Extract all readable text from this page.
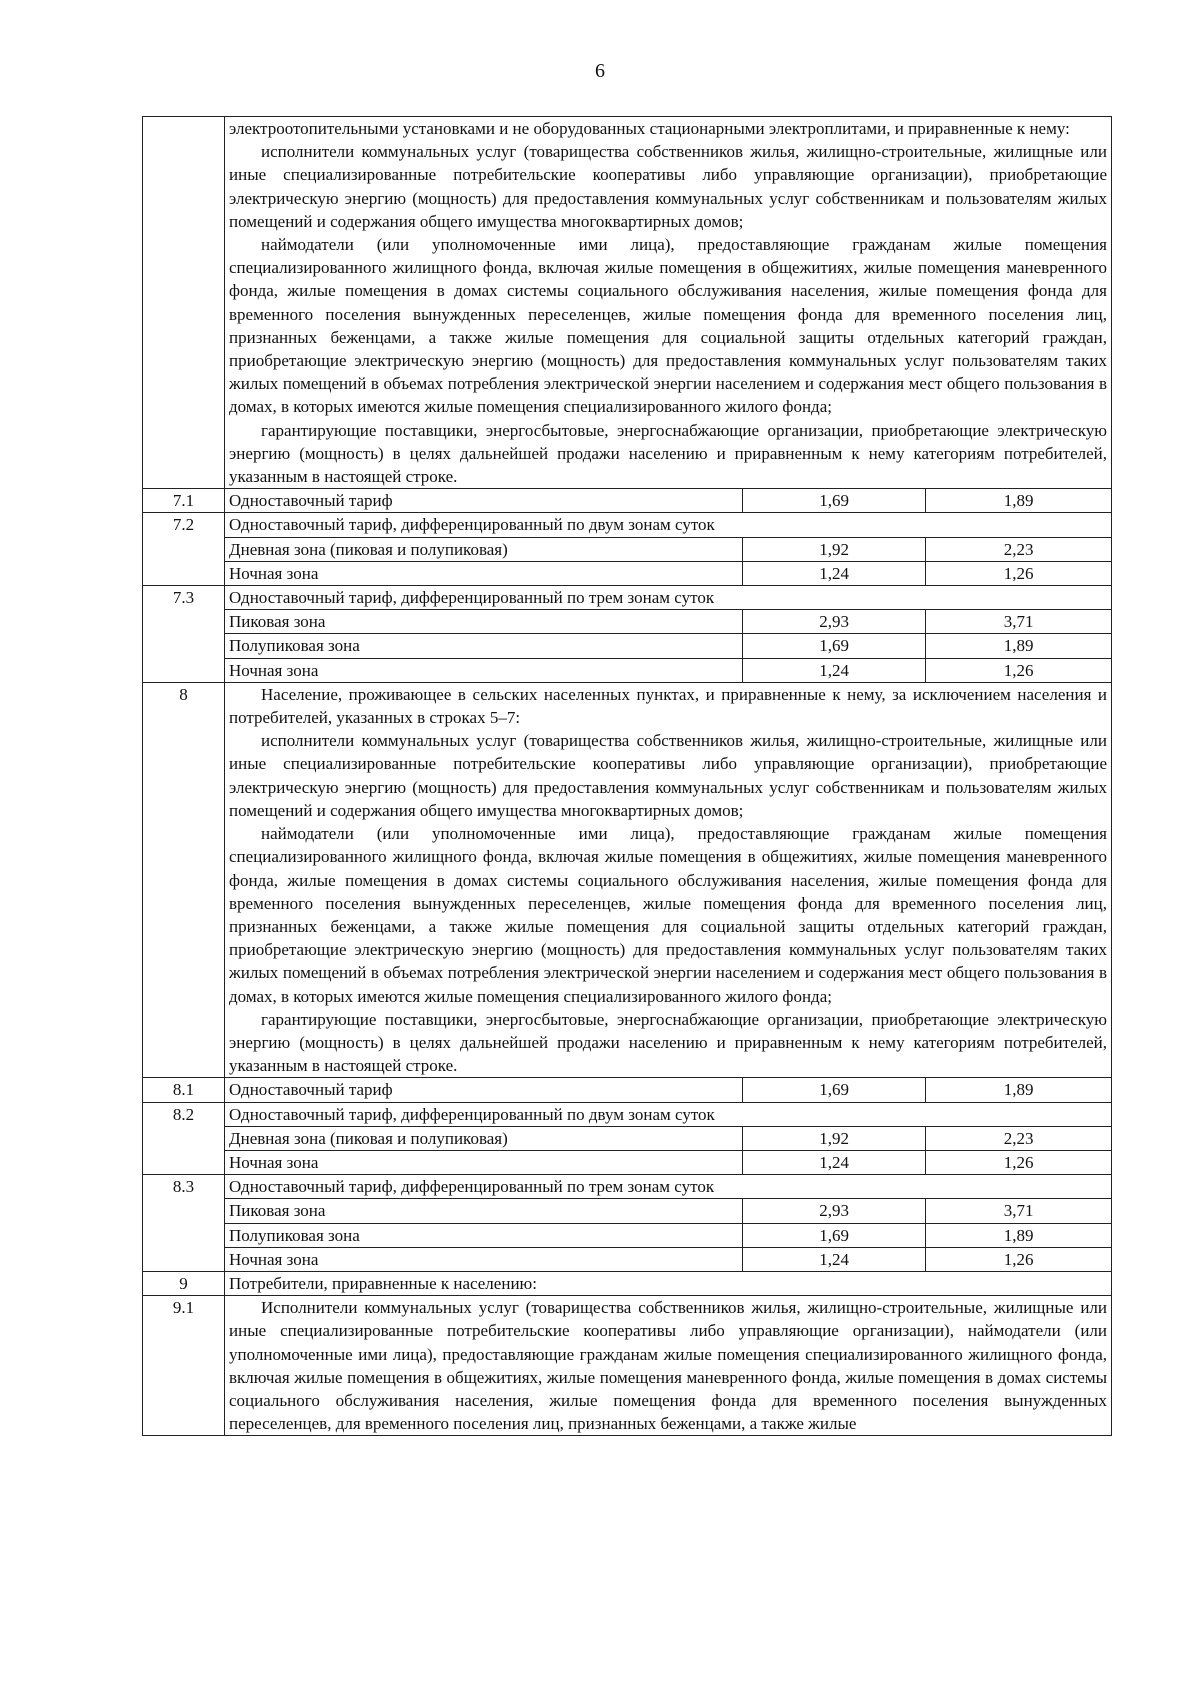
6

	электроотопительными установками и не оборудованных стационарными электроплитами, и приравненные к нему:

исполнители коммунальных услуг (товарищества собственников жилья, жилищно-строительные, жилищные или иные специализированные потребительские кооперативы либо управляющие организации), приобретающие электрическую энергию (мощность) для предоставления коммунальных услуг собственникам и пользователям жилых помещений и содержания общего имущества многоквартирных домов;

наймодатели (или уполномоченные ими лица), предоставляющие гражданам жилые помещения специализированного жилищного фонда, включая жилые помещения в общежитиях, жилые помещения маневренного фонда, жилые помещения в домах системы социального обслуживания населения, жилые помещения фонда для временного поселения вынужденных переселенцев, жилые помещения фонда для временного поселения лиц, признанных беженцами, а также жилые помещения для социальной защиты отдельных категорий граждан, приобретающие электрическую энергию (мощность) для предоставления коммунальных услуг пользователям таких жилых помещений в объемах потребления электрической энергии населением и содержания мест общего пользования в домах, в которых имеются жилые помещения специализированного жилого фонда;

гарантирующие поставщики, энергосбытовые, энергоснабжающие организации, приобретающие электрическую энергию (мощность) в целях дальнейшей продажи населению и приравненным к нему категориям потребителей, указанным в настоящей строке.		

7.1	Одноставочный тариф	1,69	1,89
7.2	Одноставочный тариф, дифференцированный по двум зонам суток		
	Дневная зона (пиковая и полупиковая)	1,92	2,23
	Ночная зона	1,24	1,26
7.3	Одноставочный тариф, дифференцированный по трем зонам суток		
	Пиковая зона	2,93	3,71
	Полупиковая зона	1,69	1,89
	Ночная зона	1,24	1,26
8	Население, проживающее в сельских населенных пунктах, и приравненные к нему, за исключением населения и потребителей, указанных в строках 5–7:

исполнители коммунальных услуг (товарищества собственников жилья, жилищно-строительные, жилищные или иные специализированные потребительские кооперативы либо управляющие организации), приобретающие электрическую энергию (мощность) для предоставления коммунальных услуг собственникам и пользователям жилых помещений и содержания общего имущества многоквартирных домов;

наймодатели (или уполномоченные ими лица), предоставляющие гражданам жилые помещения специализированного жилищного фонда, включая жилые помещения в общежитиях, жилые помещения маневренного фонда, жилые помещения в домах системы социального обслуживания населения, жилые помещения фонда для временного поселения вынужденных переселенцев, жилые помещения фонда для временного поселения лиц, признанных беженцами, а также жилые помещения для социальной защиты отдельных категорий граждан, приобретающие электрическую энергию (мощность) для предоставления коммунальных услуг пользователям таких жилых помещений в объемах потребления электрической энергии населением и содержания мест общего пользования в домах, в которых имеются жилые помещения специализированного жилого фонда;

гарантирующие поставщики, энергосбытовые, энергоснабжающие организации, приобретающие электрическую энергию (мощность) в целях дальнейшей продажи населению и приравненным к нему категориям потребителей, указанным в настоящей строке.		

8.1	Одноставочный тариф	1,69	1,89
8.2	Одноставочный тариф, дифференцированный по двум зонам суток		
	Дневная зона (пиковая и полупиковая)	1,92	2,23
	Ночная зона	1,24	1,26
8.3	Одноставочный тариф, дифференцированный по трем зонам суток		
	Пиковая зона	2,93	3,71
	Полупиковая зона	1,69	1,89
	Ночная зона	1,24	1,26
9	Потребители, приравненные к населению:		
9.1	Исполнители коммунальных услуг (товарищества собственников жилья, жилищно-строительные, жилищные или иные специализированные потребительские кооперативы либо управляющие организации), наймодатели (или уполномоченные ими лица), предоставляющие гражданам жилые помещения специализированного жилищного фонда, включая жилые помещения в общежитиях, жилые помещения маневренного фонда, жилые помещения в домах системы социального обслуживания населения, жилые помещения фонда для временного поселения вынужденных переселенцев, для временного поселения лиц, признанных беженцами, а также жилые		
